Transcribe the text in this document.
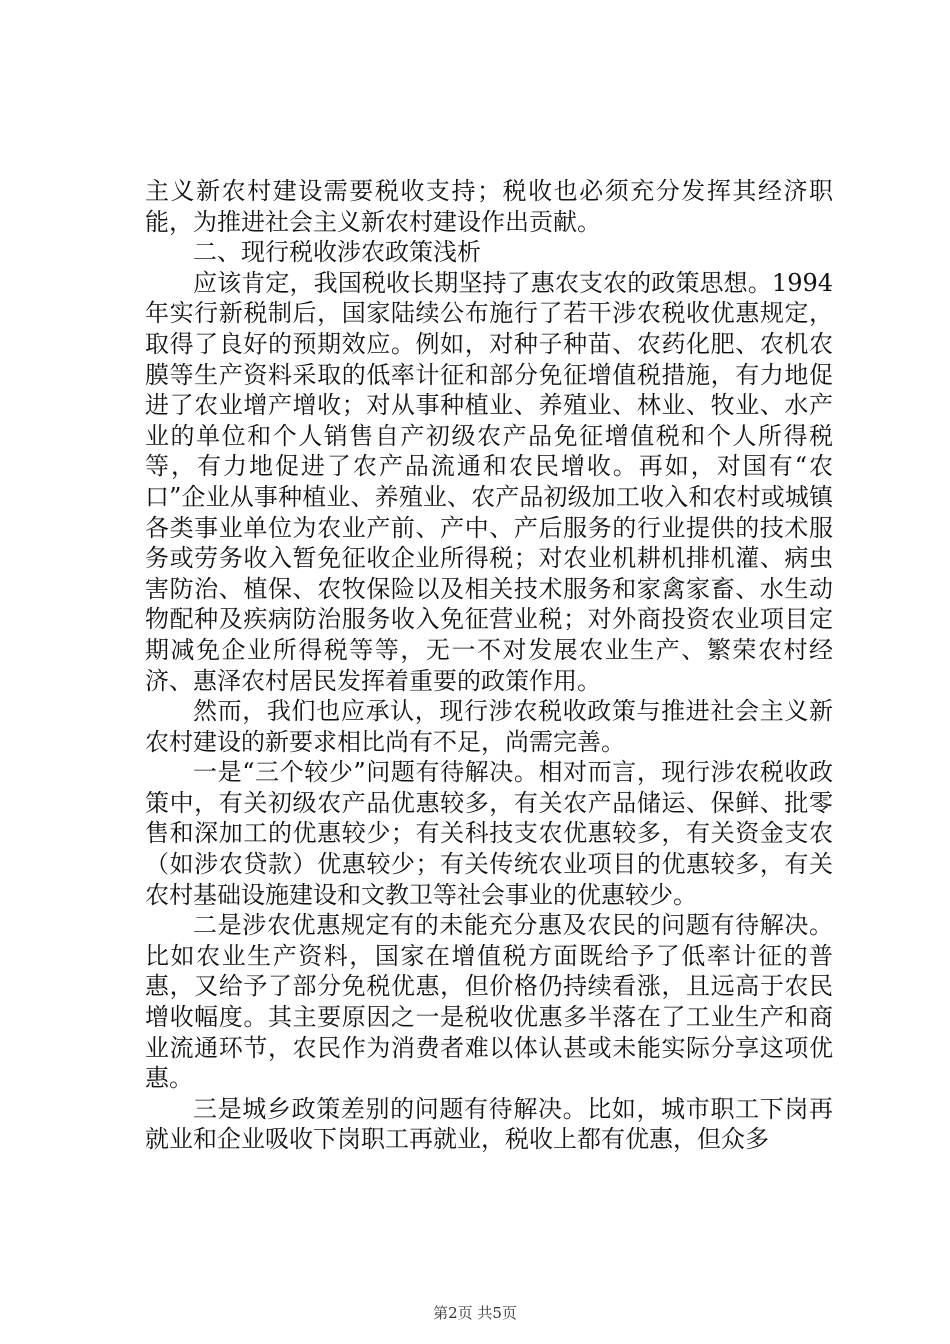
主义新农村建设需要税收支持；税收也必须充分发挥其经济职能，为推进社会主义新农村建设作出贡献。

二、现行税收涉农政策浅析

应该肯定，我国税收长期坚持了惠农支农的政策思想。1994年实行新税制后，国家陆续公布施行了若干涉农税收优惠规定，取得了良好的预期效应。例如，对种子种苗、农药化肥、农机农膜等生产资料采取的低率计征和部分免征增值税措施，有力地促进了农业增产增收；对从事种植业、养殖业、林业、牧业、水产业的单位和个人销售自产初级农产品免征增值税和个人所得税等，有力地促进了农产品流通和农民增收。再如，对国有“农口”企业从事种植业、养殖业、农产品初级加工收入和农村或城镇各类事业单位为农业产前、产中、产后服务的行业提供的技术服务或劳务收入暂免征收企业所得税；对农业机耕机排机灌、病虫害防治、植保、农牧保险以及相关技术服务和家禽家畜、水生动物配种及疾病防治服务收入免征营业税；对外商投资农业项目定期减免企业所得税等等，无一不对发展农业生产、繁荣农村经济、惠泽农村居民发挥着重要的政策作用。

然而，我们也应承认，现行涉农税收政策与推进社会主义新农村建设的新要求相比尚有不足，尚需完善。

一是“三个较少”问题有待解决。相对而言，现行涉农税收政策中，有关初级农产品优惠较多，有关农产品储运、保鲜、批零售和深加工的优惠较少；有关科技支农优惠较多，有关资金支农（如涉农贷款）优惠较少；有关传统农业项目的优惠较多，有关农村基础设施建设和文教卫等社会事业的优惠较少。

二是涉农优惠规定有的未能充分惠及农民的问题有待解决。比如农业生产资料，国家在增值税方面既给予了低率计征的普惠，又给予了部分免税优惠，但价格仍持续看涨，且远高于农民增收幅度。其主要原因之一是税收优惠多半落在了工业生产和商业流通环节，农民作为消费者难以体认甚或未能实际分享这项优惠。

三是城乡政策差别的问题有待解决。比如，城市职工下岗再就业和企业吸收下岗职工再就业，税收上都有优惠，但众多

第2页 共5页
